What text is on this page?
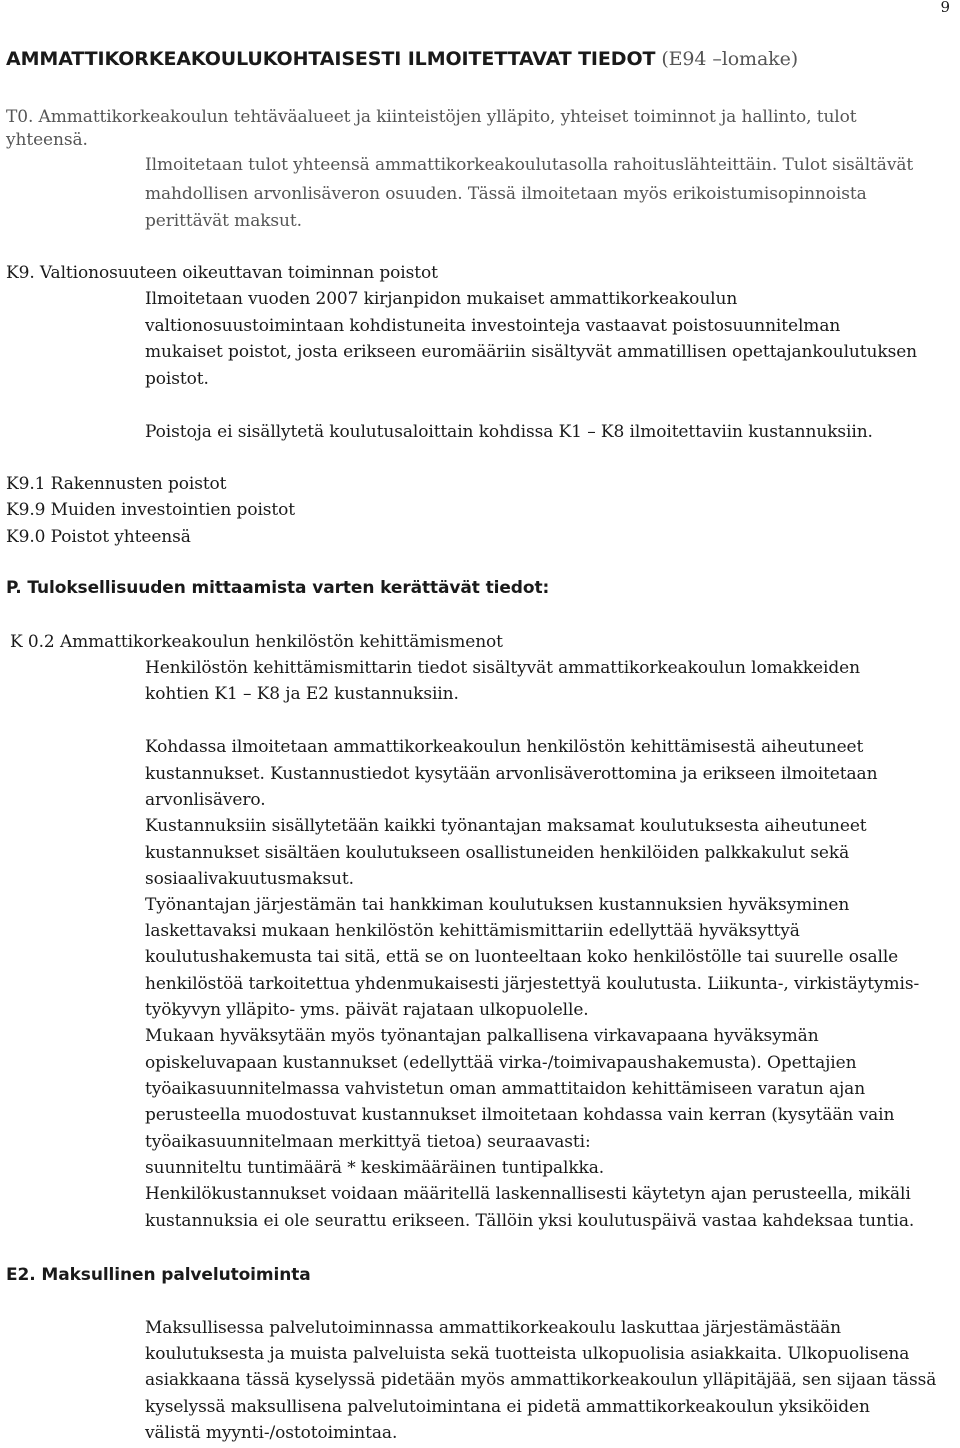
9
AMMATTIKORKEAKOULUKOHTAISESTI ILMOITETTAVAT TIEDOT (E94 –lomake)
T0. Ammattikorkeakoulun tehtäväalueet ja kiinteistöjen ylläpito, yhteiset toiminnot ja hallinto, tulot
yhteensä.
Ilmoitetaan tulot yhteensä ammattikorkeakoulutasolla rahoituslähteittäin. Tulot sisältävät
mahdollisen arvonlisäveron osuuden. Tässä ilmoitetaan myös erikoistumisopinnoista
perittävät maksut.
K9. Valtionosuuteen oikeuttavan toiminnan poistot
Ilmoitetaan vuoden 2007 kirjanpidon mukaiset ammattikorkeakoulun
valtionosuustoimintaan kohdistuneita investointeja vastaavat poistosuunnitelman
mukaiset poistot, josta erikseen euromääriin sisältyvät ammatillisen opettajankoulutuksen
poistot.
Poistoja ei sisällytetä koulutusaloittain kohdissa K1 – K8 ilmoitettaviin kustannuksiin.
K9.1 Rakennusten poistot
K9.9 Muiden investointien poistot
K9.0 Poistot yhteensä
P. Tuloksellisuuden mittaamista varten kerättävät tiedot:
K 0.2 Ammattikorkeakoulun henkilöstön kehittämismenot
Henkilöstön kehittämismittarin tiedot sisältyvät ammattikorkeakoulun lomakkeiden
kohtien K1 – K8 ja E2 kustannuksiin.
Kohdassa ilmoitetaan ammattikorkeakoulun henkilöstön kehittämisestä aiheutuneet
kustannukset. Kustannustiedot kysytään arvonlisäverottomina ja erikseen ilmoitetaan
arvonlisävero.
Kustannuksiin sisällytetään kaikki työnantajan maksamat koulutuksesta aiheutuneet
kustannukset sisältäen koulutukseen osallistuneiden henkilöiden palkkakulut sekä
sosiaalivakuutusmaksut.
Työnantajan järjestämän tai hankkiman koulutuksen kustannuksien hyväksyminen
laskettavaksi mukaan henkilöstön kehittämismittariin edellyttää hyväksyttyä
koulutushakemusta tai sitä, että se on luonteeltaan koko henkilöstölle tai suurelle osalle
henkilöstöä tarkoitettua yhdenmukaisesti järjestettyä koulutusta. Liikunta-, virkistäytymis-
työkyvyn ylläpito- yms. päivät rajataan ulkopuolelle.
Mukaan hyväksytään myös työnantajan palkallisena virkavapaana hyväksymän
opiskeluvapaan kustannukset (edellyttää virka-/toimivapaushakemusta). Opettajien
työaikasuunnitelmassa vahvistetun oman ammattitaidon kehittämiseen varatun ajan
perusteella muodostuvat kustannukset ilmoitetaan kohdassa vain kerran (kysytään vain
työaikasuunnitelmaan merkittyä tietoa) seuraavasti:
suunniteltu tuntimäärä * keskimääräinen tuntipalkka.
Henkilökustannukset voidaan määritellä laskennallisesti käytetyn ajan perusteella, mikäli
kustannuksia ei ole seurattu erikseen. Tällöin yksi koulutuspäivä vastaa kahdeksaa tuntia.
E2. Maksullinen palvelutoiminta
Maksullisessa palvelutoiminnassa ammattikorkeakoulu laskuttaa järjestämästään
koulutuksesta ja muista palveluista sekä tuotteista ulkopuolisia asiakkaita. Ulkopuolisena
asiakkaana tässä kyselyssä pidetään myös ammattikorkeakoulun ylläpitäjää, sen sijaan tässä
kyselyssä maksullisena palvelutoimintana ei pidetä ammattikorkeakoulun yksiköiden
välistä myynti-/ostotoimintaa.
